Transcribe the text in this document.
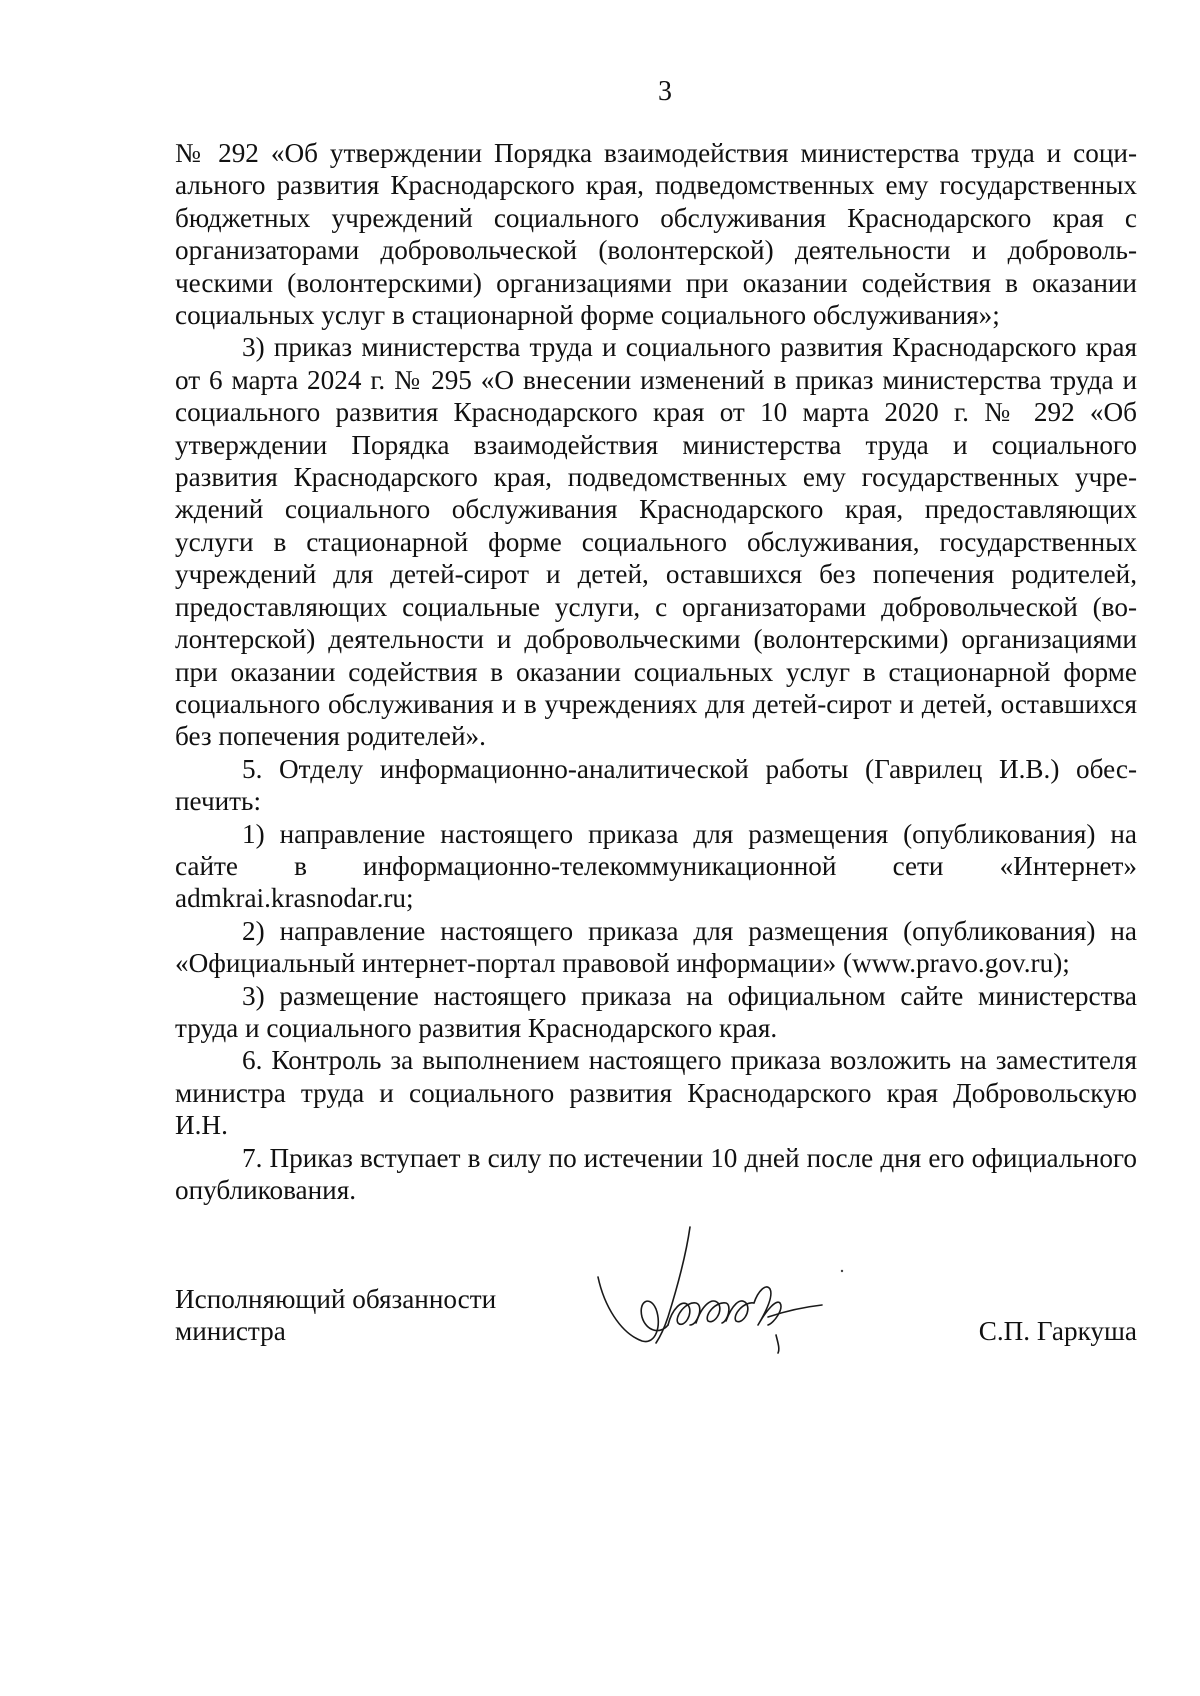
3

№ 292 «Об утверждении Порядка взаимодействия министерства труда и социального развития Краснодарского края, подведомственных ему государственных бюджетных учреждений социального обслуживания Краснодарского края с организаторами добровольческой (волонтерской) деятельности и добровольческими (волонтерскими) организациями при оказании содействия в оказании социальных услуг в стационарной форме социального обслуживания»;

3) приказ министерства труда и социального развития Краснодарского края от 6 марта 2024 г. № 295 «О внесении изменений в приказ министерства труда и социального развития Краснодарского края от 10 марта 2020 г. № 292 «Об утверждении Порядка взаимодействия министерства труда и социального развития Краснодарского края, подведомственных ему государственных учреждений социального обслуживания Краснодарского края, предоставляющих услуги в стационарной форме социального обслуживания, государственных учреждений для детей-сирот и детей, оставшихся без попечения родителей, предоставляющих социальные услуги, с организаторами добровольческой (волонтерской) деятельности и добровольческими (волонтерскими) организациями при оказании содействия в оказании социальных услуг в стационарной форме социального обслуживания и в учреждениях для детей-сирот и детей, оставшихся без попечения родителей».

5. Отделу информационно-аналитической работы (Гаврилец И.В.) обеспечить:

1) направление настоящего приказа для размещения (опубликования) на сайте в информационно-телекоммуникационной сети «Интернет» admkrai.krasnodar.ru;

2) направление настоящего приказа для размещения (опубликования) на «Официальный интернет-портал правовой информации» (www.pravo.gov.ru);

3) размещение настоящего приказа на официальном сайте министерства труда и социального развития Краснодарского края.

6. Контроль за выполнением настоящего приказа возложить на заместителя министра труда и социального развития Краснодарского края Добровольскую И.Н.

7. Приказ вступает в силу по истечении 10 дней после дня его официального опубликования.

Исполняющий обязанности
министра	С.П. Гаркуша
